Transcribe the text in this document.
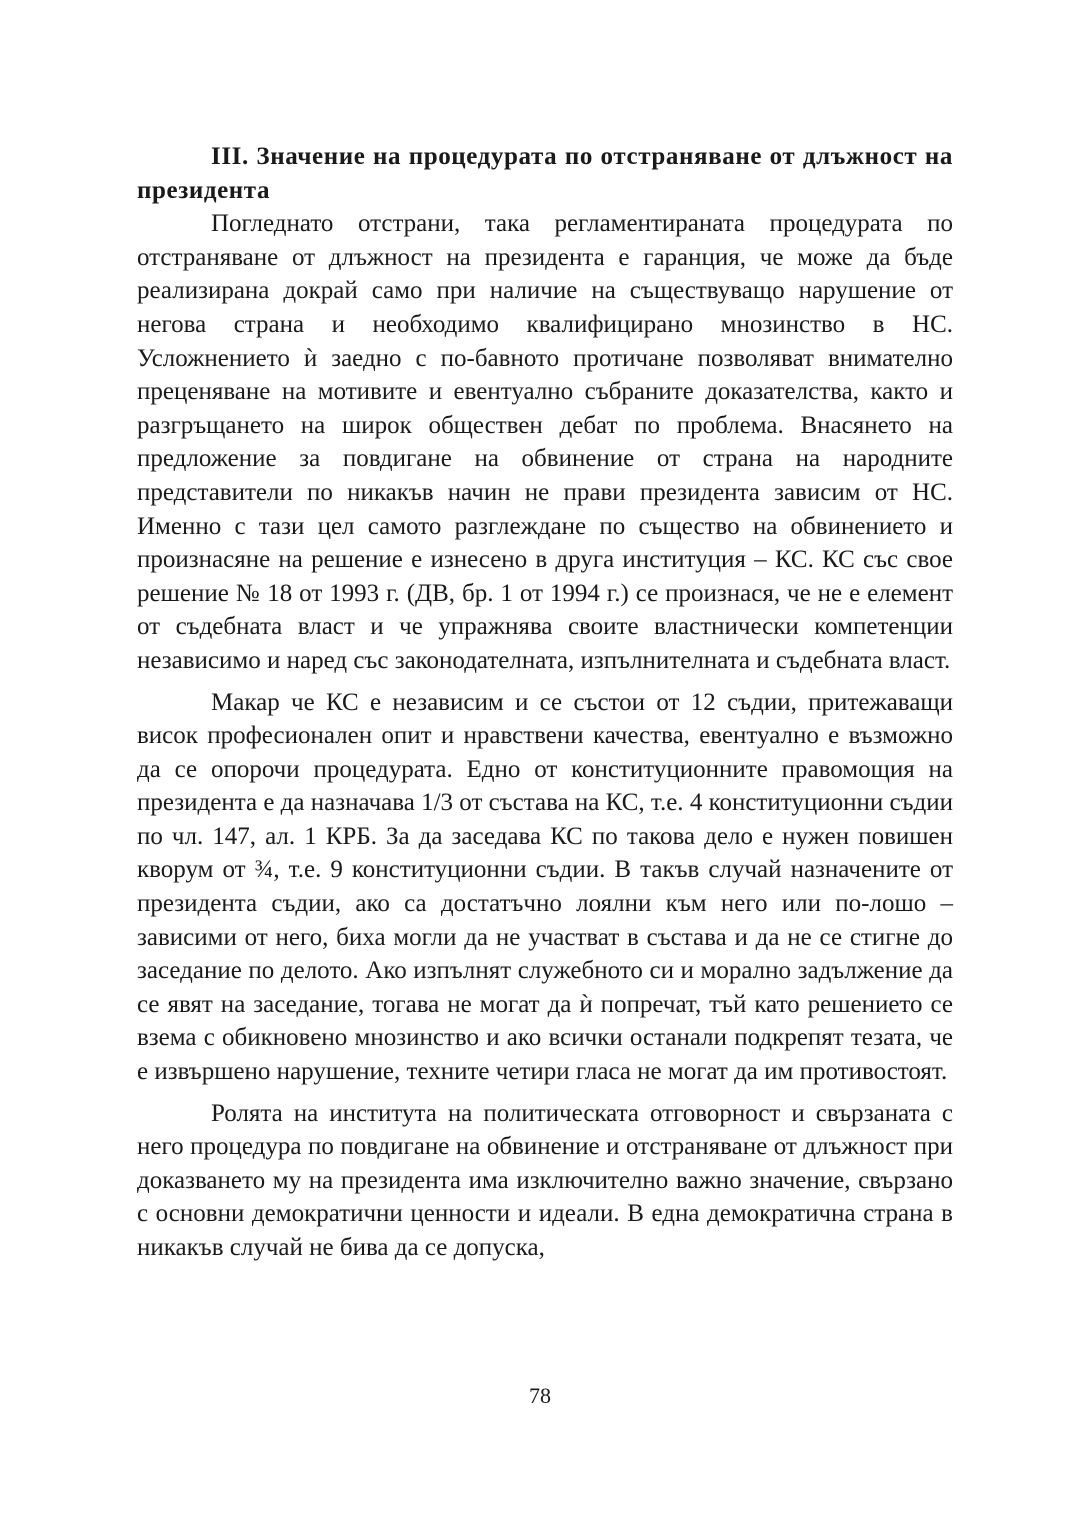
III. Значение на процедурата по отстраняване от длъжност на президента

Погледнато отстрани, така регламентираната процедурата по отстраняване от длъжност на президента е гаранция, че може да бъде реализирана докрай само при наличие на съществуващо нарушение от негова страна и необходимо квалифицирано мнозинство в НС. Усложнението ѝ заедно с по-бавното протичане позволяват внимателно преценяване на мотивите и евентуално събраните доказателства, както и разгръщането на широк обществен дебат по проблема. Внасянето на предложение за повдигане на обвинение от страна на народните представители по никакъв начин не прави президента зависим от НС. Именно с тази цел самото разглеждане по същество на обвинението и произнасяне на решение е изнесено в друга институция – КС. КС със свое решение № 18 от 1993 г. (ДВ, бр. 1 от 1994 г.) се произнася, че не е елемент от съдебната власт и че упражнява своите властнически компетенции независимо и наред със законодателната, изпълнителната и съдебната власт.

Макар че КС е независим и се състои от 12 съдии, притежаващи висок професионален опит и нравствени качества, евентуално е възможно да се опорочи процедурата. Едно от конституционните правомощия на президента е да назначава 1/3 от състава на КС, т.е. 4 конституционни съдии по чл. 147, ал. 1 КРБ. За да заседава КС по такова дело е нужен повишен кворум от ¾, т.е. 9 конституционни съдии. В такъв случай назначените от президента съдии, ако са достатъчно лоялни към него или по-лошо – зависими от него, биха могли да не участват в състава и да не се стигне до заседание по делото. Ако изпълнят служебното си и морално задължение да се явят на заседание, тогава не могат да ѝ попречат, тъй като решението се взема с обикновено мнозинство и ако всички останали подкрепят тезата, че е извършено нарушение, техните четири гласа не могат да им противостоят.

Ролята на института на политическата отговорност и свързаната с него процедура по повдигане на обвинение и отстраняване от длъжност при доказването му на президента има изключително важно значение, свързано с основни демократични ценности и идеали. В една демократична страна в никакъв случай не бива да се допуска,

78
